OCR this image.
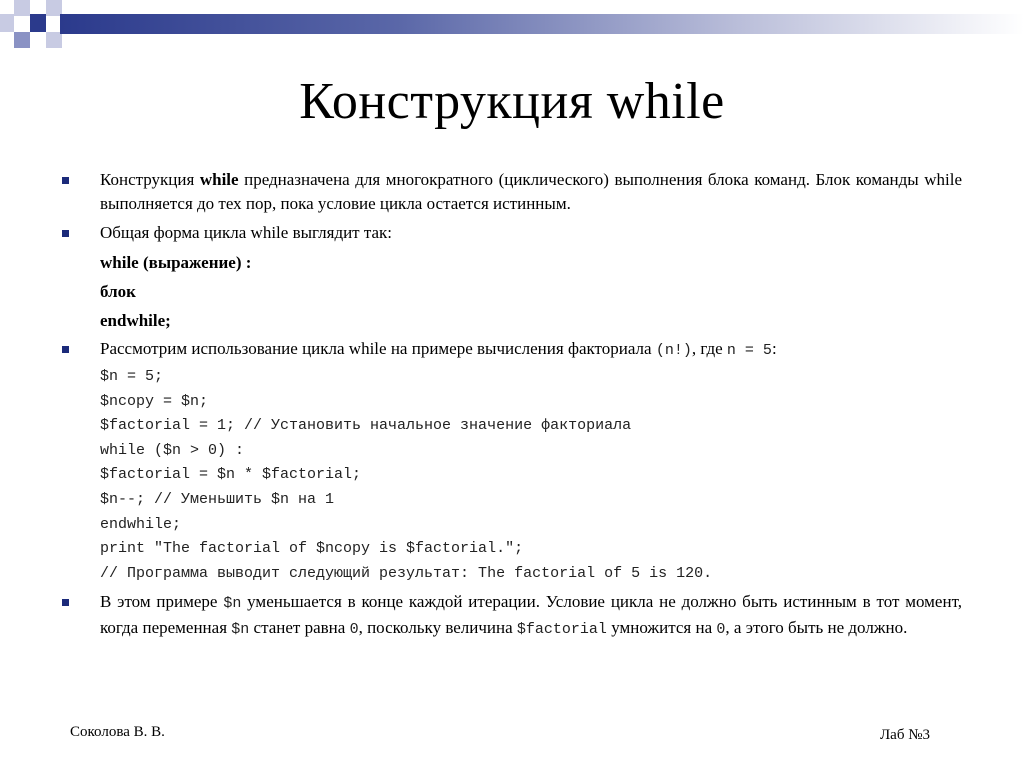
Конструкция while
Конструкция while предназначена для многократного (циклического) выполнения блока команд. Блок команды while выполняется до тех пор, пока условие цикла остается истинным.
Общая форма цикла while выглядит так:
while (выражение) :
блок
endwhile;
Рассмотрим использование цикла while на примере вычисления факториала (n!), где n = 5:
$n = 5;
$ncopy = $n;
$factorial = 1; // Установить начальное значение факториала
while ($n > 0) :
$factorial = $n * $factorial;
$n--; // Уменьшить $n на 1
endwhile;
print "The factorial of $ncopy is $factorial.";
// Программа выводит следующий результат: The factorial of 5 is 120.
В этом примере $n уменьшается в конце каждой итерации. Условие цикла не должно быть истинным в тот момент, когда переменная $n станет равна 0, поскольку величина $factorial умножится на 0, а этого быть не должно.
Соколова В. В.	Лаб №3
